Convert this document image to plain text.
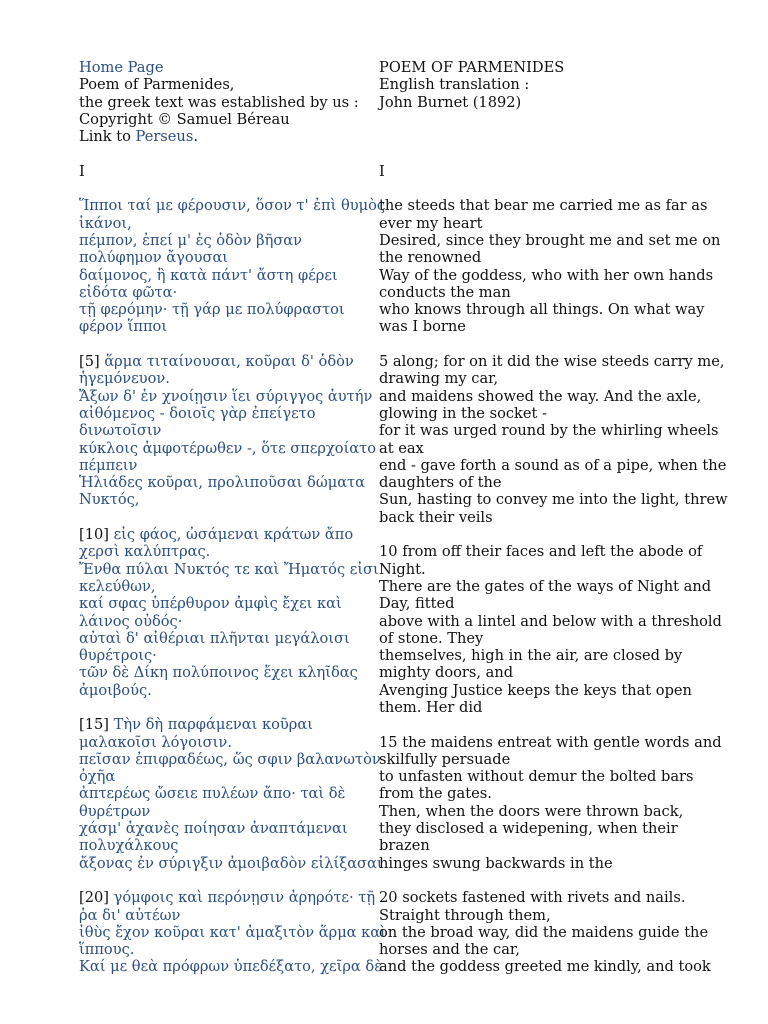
Home Page
Poem of Parmenides,
the greek text was established by us :
Copyright © Samuel Béreau
Link to Perseus.
I
Ἵπποι ταί με φέρουσιν, ὅσον τ' ἐπὶ θυμὸς
ἱκάνοι,
πέμπον, ἐπεί μ' ἐς ὁδὸν βῆσαν
πολύφημον ἄγουσαι
δαίμονος, ἣ κατὰ πάντ' ἄστη φέρει
εἰδότα φῶτα·
τῇ φερόμην· τῇ γάρ με πολύφραστοι
φέρον ἵπποι
[5] ἅρμα τιταίνουσαι, κοῦραι δ' ὁδὸν
ἡγεμόνευον.
Ἄξων δ' ἐν χνοίῃσιν ἵει σύριγγος ἀυτήν
αἰθόμενος - δοιοῖς γὰρ ἐπείγετο
δινωτοῖσιν
κύκλοις ἀμφοτέρωθεν -, ὅτε σπερχοίατο
πέμπειν
Ἡλιάδες κοῦραι, προλιποῦσαι δώματα
Νυκτός,
[10] εἰς φάος, ὠσάμεναι κράτων ἄπο
χερσὶ καλύπτρας.
Ἔνθα πύλαι Νυκτός τε καὶ Ἤματός εἰσι
κελεύθων,
καί σφας ὑπέρθυρον ἀμφὶς ἔχει καὶ
λάινος οὐδός·
αὐταὶ δ' αἰθέριαι πλῆνται μεγάλοισι
θυρέτροις·
τῶν δὲ Δίκη πολύποινος ἔχει κληῖδας
ἀμοιβούς.
[15] Τὴν δὴ παρφάμεναι κοῦραι
μαλακοῖσι λόγοισιν.
πεῖσαν ἐπιφραδέως, ὥς σφιν βαλανωτὸν
ὀχῆα
ἀπτερέως ὤσειε πυλέων ἄπο· ταὶ δὲ
θυρέτρων
χάσμ' ἀχανὲς ποίησαν ἀναπτάμεναι
πολυχάλκους
ἄξονας ἐν σύριγξιν ἀμοιβαδὸν εἰλίξασαι
[20] γόμφοις καὶ περόνῃσιν ἀρηρότε· τῇ
ῥα δι' αὐτέων
ἰθὺς ἔχον κοῦραι κατ' ἀμαξιτὸν ἅρμα καὶ
ἵππους.
Καί με θεὰ πρόφρων ὑπεδέξατο, χεῖρα δὲ
POEM OF PARMENIDES
English translation :
John Burnet (1892)
I
the steeds that bear me carried me as far as
ever my heart
Desired, since they brought me and set me on
the renowned
Way of the goddess, who with her own hands
conducts the man
who knows through all things. On what way
was I borne
5 along; for on it did the wise steeds carry me,
drawing my car,
and maidens showed the way. And the axle,
glowing in the socket -
for it was urged round by the whirling wheels
at eax
end - gave forth a sound as of a pipe, when the
daughters of the
Sun, hasting to convey me into the light, threw
back their veils
10 from off their faces and left the abode of
Night.
There are the gates of the ways of Night and
Day, fitted
above with a lintel and below with a threshold
of stone. They
themselves, high in the air, are closed by
mighty doors, and
Avenging Justice keeps the keys that open
them. Her did
15 the maidens entreat with gentle words and
skilfully persuade
to unfasten without demur the bolted bars
from the gates.
Then, when the doors were thrown back,
they disclosed a widepening, when their
brazen
hinges swung backwards in the
20 sockets fastened with rivets and nails.
Straight through them,
on the broad way, did the maidens guide the
horses and the car,
and the goddess greeted me kindly, and took
